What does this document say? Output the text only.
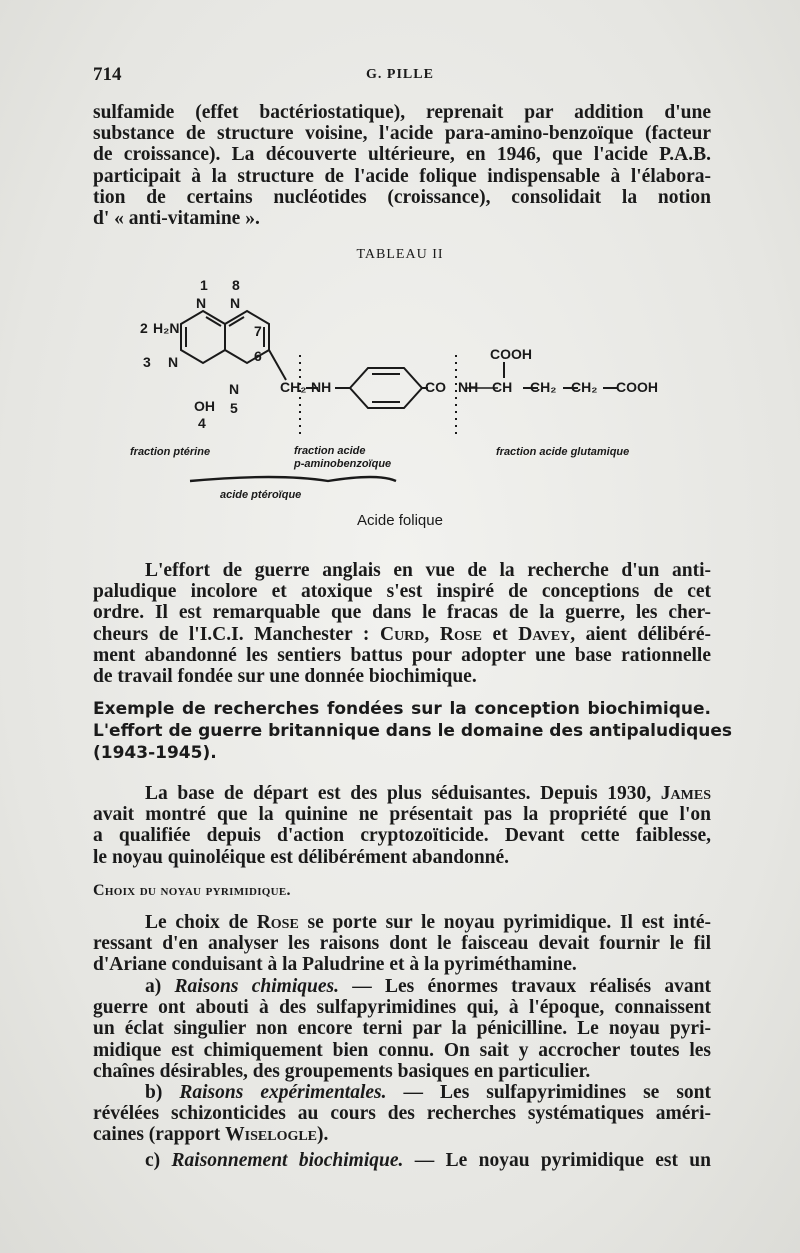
714	G. PILLE
sulfamide (effet bactériostatique), reprenait par addition d'une
substance de structure voisine, l'acide para-amino-benzoïque (facteur
de croissance). La découverte ultérieure, en 1946, que l'acide P.A.B.
participait à la structure de l'acide folique indispensable à l'élabora-
tion de certains nucléotides (croissance), consolidait la notion
d' « anti-vitamine ».
TABLEAU II
1 8
N N
2 H₂N	7
3 N	6
N
OH 5
4
CH₂ NH	CO NH CH
COOH
CH₂ CH₂ COOH
fraction ptérine	fraction acide
p-aminobenzoïque
fraction acide glutamique
acide ptéroïque
Acide folique
L'effort de guerre anglais en vue de la recherche d'un anti-
paludique incolore et atoxique s'est inspiré de conceptions de cet
ordre. Il est remarquable que dans le fracas de la guerre, les cher-
cheurs de l'I.C.I. Manchester : Curd, Rose et Davey, aient délibéré-
ment abandonné les sentiers battus pour adopter une base rationnelle
de travail fondée sur une donnée biochimique.
Exemple de recherches fondées sur la conception biochimique.
L'effort de guerre britannique dans le domaine des antipaludiques
(1943-1945).
La base de départ est des plus séduisantes. Depuis 1930, James
avait montré que la quinine ne présentait pas la propriété que l'on
a qualifiée depuis d'action cryptozoïticide. Devant cette faiblesse,
le noyau quinoléique est délibérément abandonné.
Choix du noyau pyrimidique.
Le choix de Rose se porte sur le noyau pyrimidique. Il est inté-
ressant d'en analyser les raisons dont le faisceau devait fournir le fil
d'Ariane conduisant à la Paludrine et à la pyriméthamine.
a) Raisons chimiques. — Les énormes travaux réalisés avant
guerre ont abouti à des sulfapyrimidines qui, à l'époque, connaissent
un éclat singulier non encore terni par la pénicilline. Le noyau pyri-
midique est chimiquement bien connu. On sait y accrocher toutes les
chaînes désirables, des groupements basiques en particulier.
b) Raisons expérimentales. — Les sulfapyrimidines se sont
révélées schizonticides au cours des recherches systématiques améri-
caines (rapport Wiselogle).
c) Raisonnement biochimique. — Le noyau pyrimidique est un
